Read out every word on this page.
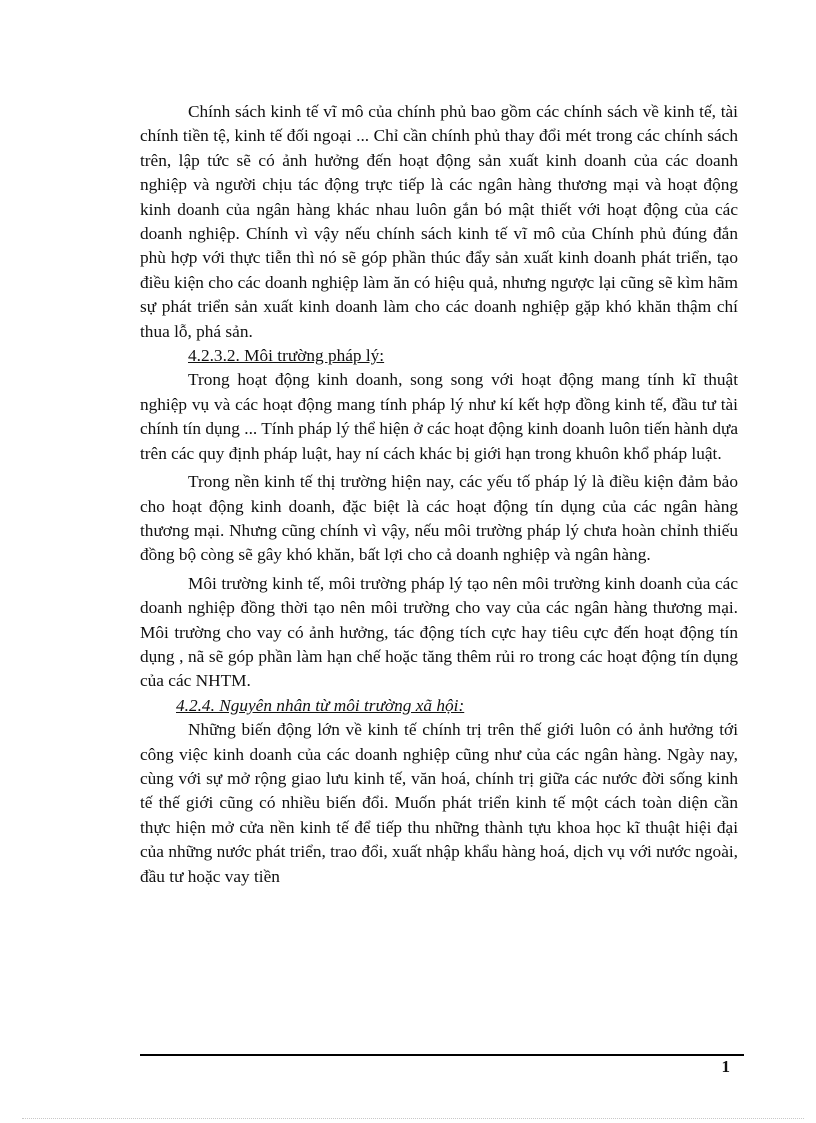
Chính sách kinh tế vĩ mô của chính phủ bao gồm các chính sách về kinh tế, tài chính tiền tệ, kinh tế đối ngoại ... Chỉ cần chính phủ thay đổi mét trong các chính sách trên, lập tức sẽ có ảnh hưởng đến hoạt động sản xuất kinh doanh của các doanh nghiệp và người chịu tác động trực tiếp là các ngân hàng thương mại và hoạt động kinh doanh của ngân hàng khác nhau luôn gắn bó mật thiết với hoạt động của các doanh nghiệp. Chính vì vậy nếu chính sách kinh tế vĩ mô của Chính phủ đúng đắn phù hợp với thực tiễn thì nó sẽ góp phần thúc đẩy sản xuất kinh doanh phát triển, tạo điều kiện cho các doanh nghiệp làm ăn có hiệu quả, nhưng ngược lại cũng sẽ kìm hãm sự phát triển sản xuất kinh doanh làm cho các doanh nghiệp gặp khó khăn thậm chí thua lỗ, phá sản.

4.2.3.2. Môi trường pháp lý:

Trong hoạt động kinh doanh, song song với hoạt động mang tính kĩ thuật nghiệp vụ và các hoạt động mang tính pháp lý như kí kết hợp đồng kinh tế, đầu tư tài chính tín dụng ... Tính pháp lý thể hiện ở các hoạt động kinh doanh luôn tiến hành dựa trên các quy định pháp luật, hay ní cách khác bị giới hạn trong khuôn khổ pháp luật.

Trong nền kinh tế thị trường hiện nay, các yếu tố pháp lý là điều kiện đảm bảo cho hoạt động kinh doanh, đặc biệt là các hoạt động tín dụng của các ngân hàng thương mại. Nhưng cũng chính vì vậy, nếu môi trường pháp lý chưa hoàn chỉnh thiếu đồng bộ còng sẽ gây khó khăn, bất lợi cho cả doanh nghiệp và ngân hàng.

Môi trường kinh tế, môi trường pháp lý tạo nên môi trường kinh doanh của các doanh nghiệp đồng thời tạo nên môi trường cho vay của các ngân hàng thương mại. Môi trường cho vay có ảnh hưởng, tác động tích cực hay tiêu cực đến hoạt động tín dụng , nã sẽ góp phần làm hạn chế hoặc tăng thêm rủi ro trong các hoạt động tín dụng của các NHTM.

4.2.4. Nguyên nhân từ môi trường xã hội:

Những biến động lớn về kinh tế chính trị trên thế giới luôn có ảnh hưởng tới công việc kinh doanh của các doanh nghiệp cũng như của các ngân hàng. Ngày nay, cùng với sự mở rộng giao lưu kinh tế, văn hoá, chính trị giữa các nước đời sống kinh tế thế giới cũng có nhiều biến đổi. Muốn phát triển kinh tế một cách toàn diện cần thực hiện mở cửa nền kinh tế để tiếp thu những thành tựu khoa học kĩ thuật hiệi đại của những nước phát triển, trao đổi, xuất nhập khẩu hàng hoá, dịch vụ với nước ngoài, đầu tư hoặc vay tiền

1
